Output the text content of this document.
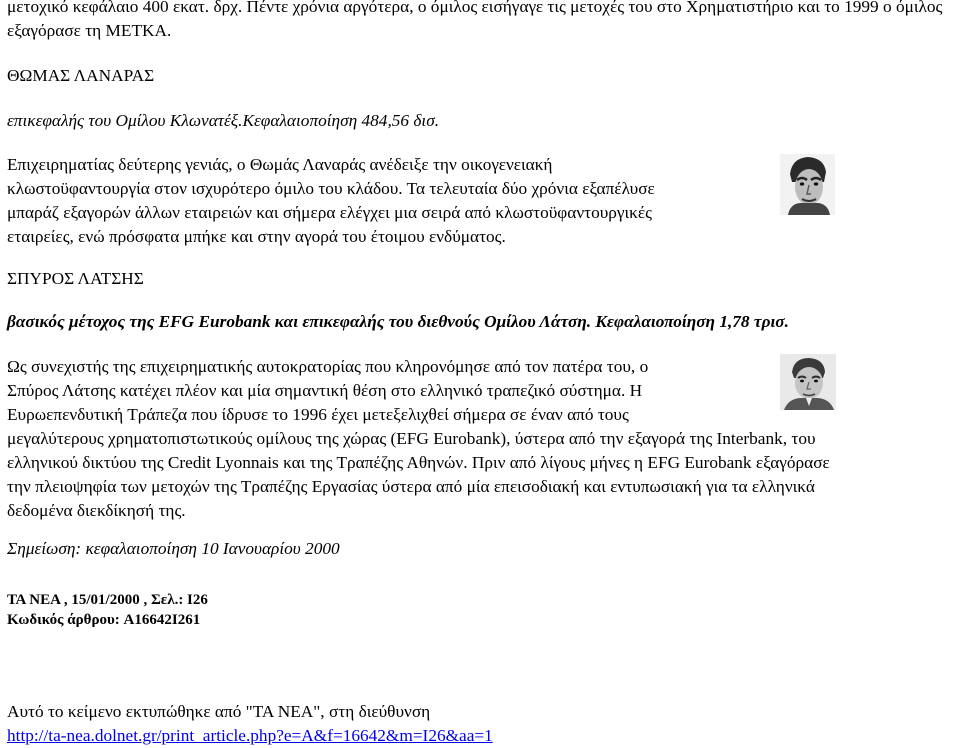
μετοχικό κεφάλαιο 400 εκατ. δρχ. Πέντε χρόνια αργότερα, ο όμιλος εισήγαγε τις μετοχές του στο Χρηματιστήριο και το 1999 ο όμιλος εξαγόρασε τη ΜΕΤΚΑ.

ΘΩΜΑΣ ΛΑΝΑΡΑΣ

επικεφαλής του Ομίλου Κλωνατέξ.Κεφαλαιοποίηση 484,56 δισ.

Επιχειρηματίας δεύτερης γενιάς, ο Θωμάς Λαναράς ανέδειξε την οικογενειακή

κλωστοϋφαντουργία στον ισχυρότερο όμιλο του κλάδου. Τα τελευταία δύο χρόνια εξαπέλυσε

μπαράζ εξαγορών άλλων εταιρειών και σήμερα ελέγχει μια σειρά από κλωστοϋφαντουργικές

εταιρείες, ενώ πρόσφατα μπήκε και στην αγορά του έτοιμου ενδύματος.

ΣΠΥΡΟΣ ΛΑΤΣΗΣ

βασικός μέτοχος της EFG Eurobank και επικεφαλής του διεθνούς Ομίλου Λάτση. Κεφαλαιοποίηση 1,78 τρισ.

Ως συνεχιστής της επιχειρηματικής αυτοκρατορίας που κληρονόμησε από τον πατέρα του, ο

Σπύρος Λάτσης κατέχει πλέον και μία σημαντική θέση στο ελληνικό τραπεζικό σύστημα. Η

Ευρωεπενδυτική Τράπεζα που ίδρυσε το 1996 έχει μετεξελιχθεί σήμερα σε έναν από τους

μεγαλύτερους χρηματοπιστωτικούς ομίλους της χώρας (EFG Eurobank), ύστερα από την εξαγορά της Interbank, του

ελληνικού δικτύου της Credit Lyonnais και της Τραπέζης Αθηνών. Πριν από λίγους μήνες η EFG Eurobank εξαγόρασε

την πλειοψηφία των μετοχών της Τραπέζης Εργασίας ύστερα από μία επεισοδιακή και εντυπωσιακή για τα ελληνικά

δεδομένα διεκδίκησή της.

Σημείωση: κεφαλαιοποίηση 10 Ιανουαρίου 2000

ΤΑ ΝΕΑ , 15/01/2000 , Σελ.: I26

Κωδικός άρθρου: A16642I261

Αυτό το κείμενο εκτυπώθηκε από "ΤΑ ΝΕΑ", στη διεύθυνση

http://ta-nea.dolnet.gr/print_article.php?e=A&f=16642&m=I26&aa=1
